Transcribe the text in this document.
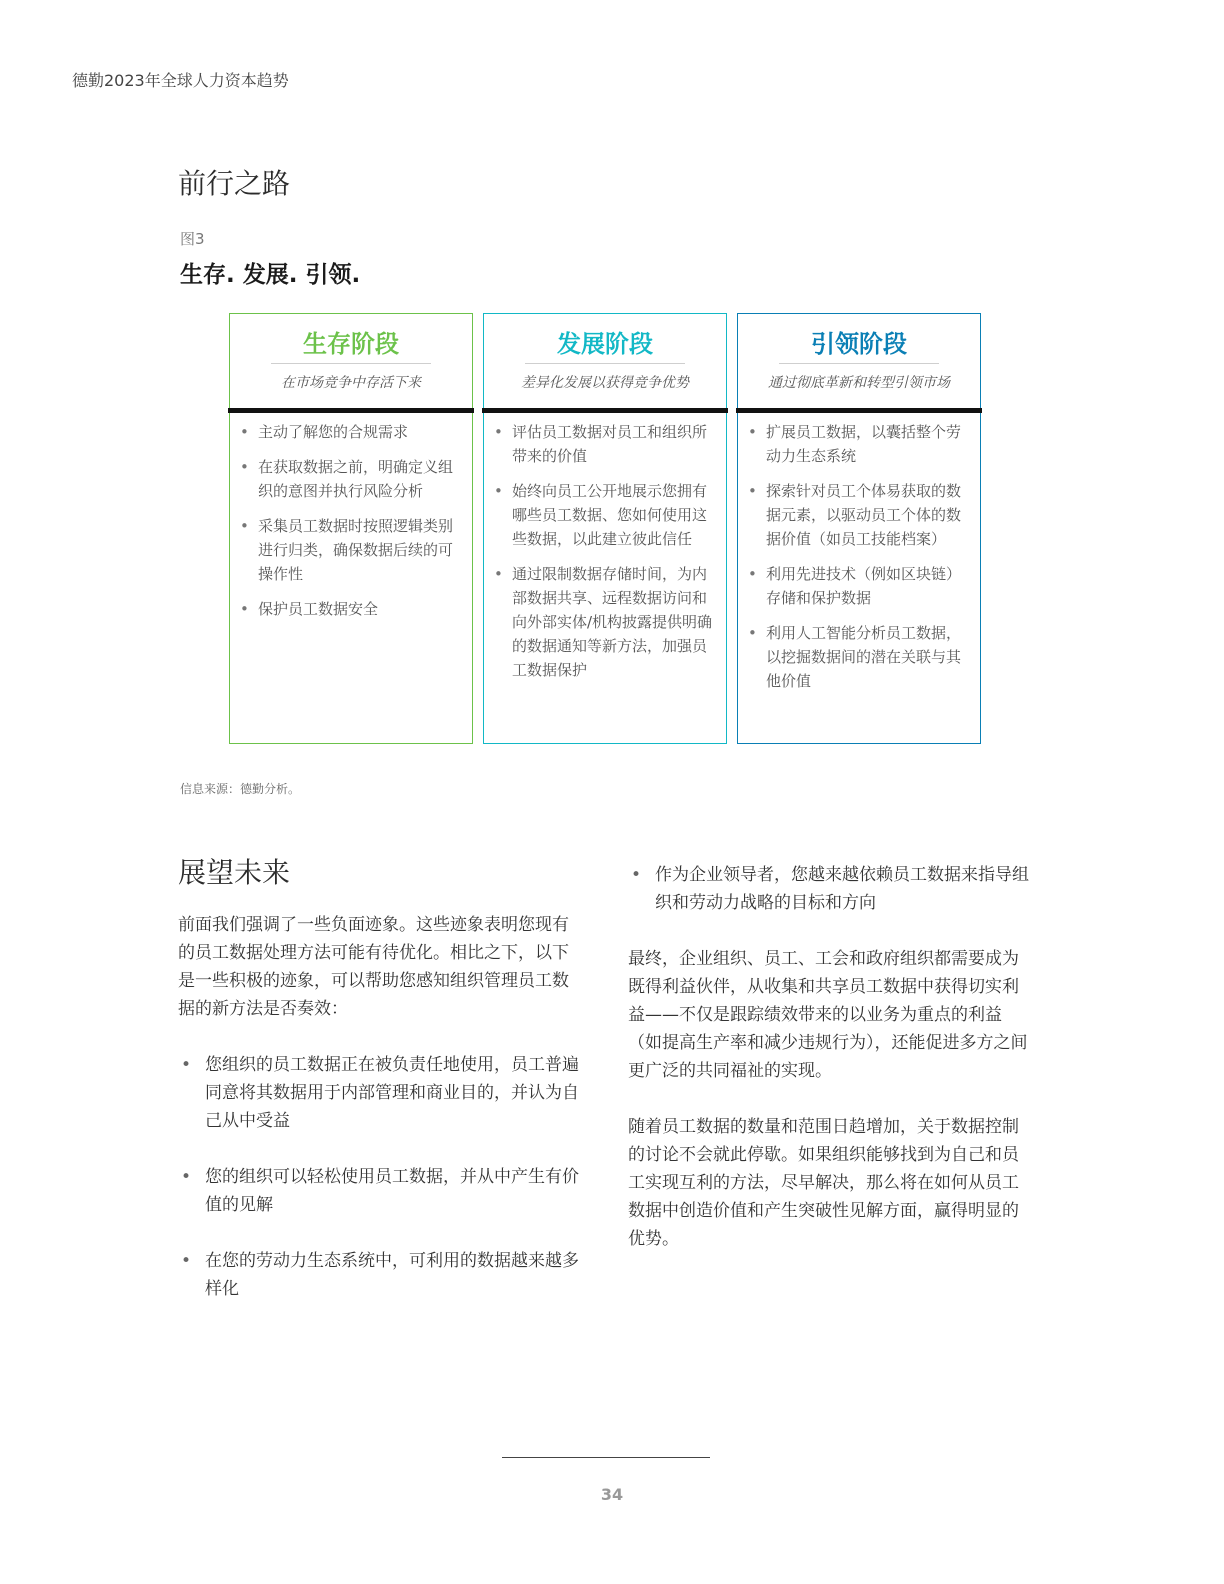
德勤2023年全球人力资本趋势
前行之路
图3
生存. 发展. 引领.
生存阶段
在市场竞争中存活下来
• 主动了解您的合规需求
• 在获取数据之前，明确定义组织的意图并执行风险分析
• 采集员工数据时按照逻辑类别进行归类，确保数据后续的可操作性
• 保护员工数据安全
发展阶段
差异化发展以获得竞争优势
• 评估员工数据对员工和组织所带来的价值
• 始终向员工公开地展示您拥有哪些员工数据、您如何使用这些数据，以此建立彼此信任
• 通过限制数据存储时间，为内部数据共享、远程数据访问和向外部实体/机构披露提供明确的数据通知等新方法，加强员工数据保护
引领阶段
通过彻底革新和转型引领市场
• 扩展员工数据，以囊括整个劳动力生态系统
• 探索针对员工个体易获取的数据元素，以驱动员工个体的数据价值（如员工技能档案）
• 利用先进技术（例如区块链）存储和保护数据
• 利用人工智能分析员工数据，以挖掘数据间的潜在关联与其他价值
信息来源：德勤分析。
展望未来

前面我们强调了一些负面迹象。这些迹象表明您现有的员工数据处理方法可能有待优化。相比之下，以下是一些积极的迹象，可以帮助您感知组织管理员工数据的新方法是否奏效：

• 您组织的员工数据正在被负责任地使用，员工普遍同意将其数据用于内部管理和商业目的，并认为自己从中受益
• 您的组织可以轻松使用员工数据，并从中产生有价值的见解
• 在您的劳动力生态系统中，可利用的数据越来越多样化
• 作为企业领导者，您越来越依赖员工数据来指导组织和劳动力战略的目标和方向

最终，企业组织、员工、工会和政府组织都需要成为既得利益伙伴，从收集和共享员工数据中获得切实利益——不仅是跟踪绩效带来的以业务为重点的利益（如提高生产率和减少违规行为），还能促进多方之间更广泛的共同福祉的实现。

随着员工数据的数量和范围日趋增加，关于数据控制的讨论不会就此停歇。如果组织能够找到为自己和员工实现互利的方法，尽早解决，那么将在如何从员工数据中创造价值和产生突破性见解方面，赢得明显的优势。

34
